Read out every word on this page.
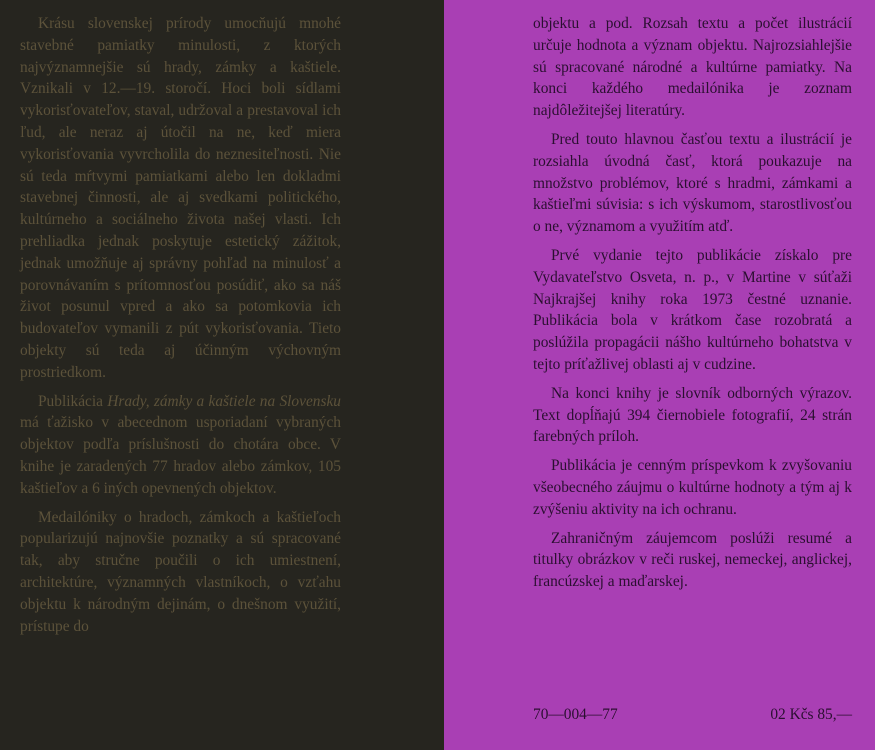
Krásu slovenskej prírody umocňujú mnohé stavebné pamiatky minulosti, z ktorých najvýznamnejšie sú hrady, zámky a kaštiele. Vznikali v 12.—19. storočí. Hoci boli sídlami vykorisťovateľov, staval, udržoval a prestavoval ich ľud, ale neraz aj útočil na ne, keď miera vykorisťovania vyvrcholila do neznesiteľnosti. Nie sú teda mŕtvymi pamiatkami alebo len dokladmi stavebnej činnosti, ale aj svedkami politického, kultúrneho a sociálneho života našej vlasti. Ich prehliadka jednak poskytuje estetický zážitok, jednak umožňuje aj správny pohľad na minulosť a porovnávaním s prítomnosťou posúdiť, ako sa náš život posunul vpred a ako sa potomkovia ich budovateľov vymanili z pút vykorisťovania. Tieto objekty sú teda aj účinným výchovným prostriedkom.

Publikácia Hrady, zámky a kaštiele na Slovensku má ťažisko v abecednom usporiadaní vybraných objektov podľa príslušnosti do chotára obce. V knihe je zaradených 77 hradov alebo zámkov, 105 kaštieľov a 6 iných opevnených objektov.

Medailóniky o hradoch, zámkoch a kaštieľoch popularizujú najnovšie poznatky a sú spracované tak, aby stručne poučili o ich umiestnení, architektúre, významných vlastníkoch, o vzťahu objektu k národným dejinám, o dnešnom využití, prístupe do

objektu a pod. Rozsah textu a počet ilustrácií určuje hodnota a význam objektu. Najrozsiahlejšie sú spracované národné a kultúrne pamiatky. Na konci každého medailónika je zoznam najdôležitejšej literatúry.

Pred touto hlavnou časťou textu a ilustrácií je rozsiahla úvodná časť, ktorá poukazuje na množstvo problémov, ktoré s hradmi, zámkami a kaštieľmi súvisia: s ich výskumom, starostlivosťou o ne, významom a využitím atď.

Prvé vydanie tejto publikácie získalo pre Vydavateľstvo Osveta, n. p., v Martine v súťaži Najkrajšej knihy roka 1973 čestné uznanie. Publikácia bola v krátkom čase rozobratá a poslúžila propagácii nášho kultúrneho bohatstva v tejto príťažlivej oblasti aj v cudzine.

Na konci knihy je slovník odborných výrazov. Text dopĺňajú 394 čiernobiele fotografií, 24 strán farebných príloh.

Publikácia je cenným príspevkom k zvyšovaniu všeobecného záujmu o kultúrne hodnoty a tým aj k zvýšeniu aktivity na ich ochranu.

Zahraničným záujemcom poslúži resumé a titulky obrázkov v reči ruskej, nemeckej, anglickej, francúzskej a maďarskej.

70—004—77	02 Kčs 85,—
